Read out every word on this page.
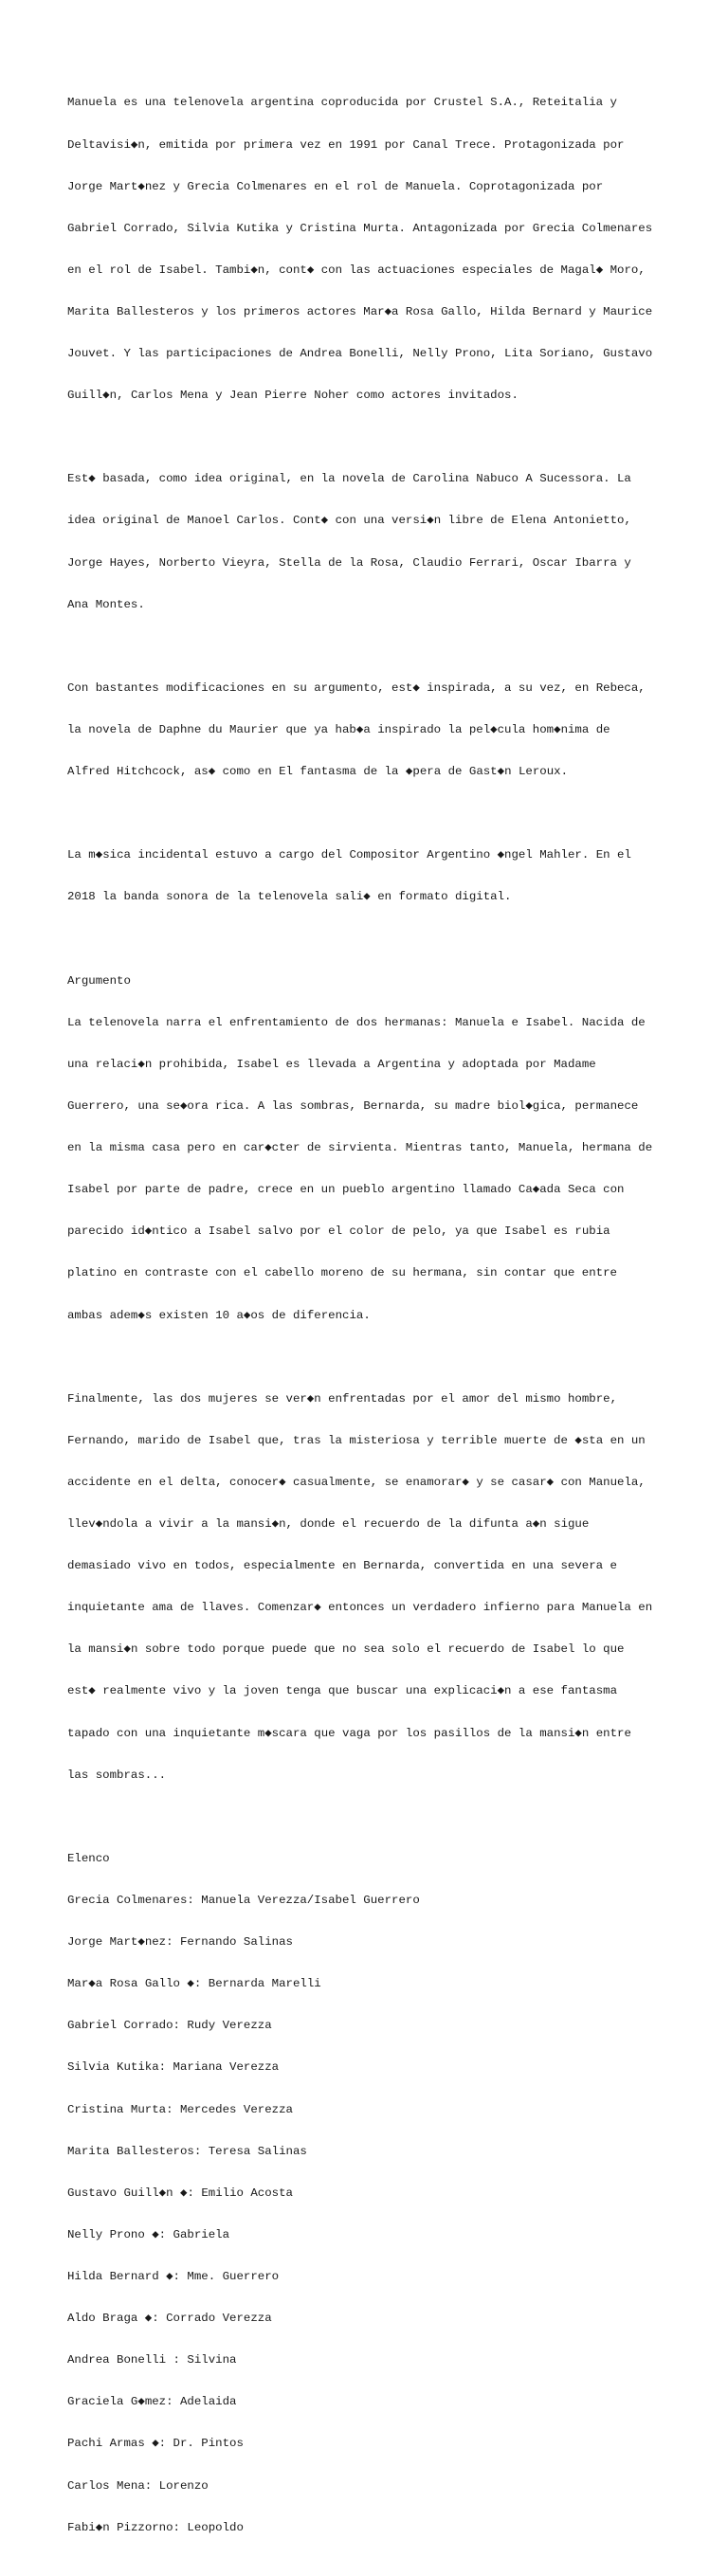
Manuela es una telenovela argentina coproducida por Crustel S.A., Reteitalia y

Deltavisi◆n, emitida por primera vez en 1991 por Canal Trece. Protagonizada por

Jorge Mart◆nez y Grecia Colmenares en el rol de Manuela. Coprotagonizada por

Gabriel Corrado, Silvia Kutika y Cristina Murta. Antagonizada por Grecia Colmenares

en el rol de Isabel. Tambi◆n, cont◆ con las actuaciones especiales de Magal◆ Moro,

Marita Ballesteros y los primeros actores Mar◆a Rosa Gallo, Hilda Bernard y Maurice

Jouvet. Y las participaciones de Andrea Bonelli, Nelly Prono, Lita Soriano, Gustavo

Guill◆n, Carlos Mena y Jean Pierre Noher como actores invitados.

Est◆ basada, como idea original, en la novela de Carolina Nabuco A Sucessora. La

idea original de Manoel Carlos. Cont◆ con una versi◆n libre de Elena Antonietto,

Jorge Hayes, Norberto Vieyra, Stella de la Rosa, Claudio Ferrari, Oscar Ibarra y

Ana Montes.

Con bastantes modificaciones en su argumento, est◆ inspirada, a su vez, en Rebeca,

la novela de Daphne du Maurier que ya hab◆a inspirado la pel◆cula hom◆nima de

Alfred Hitchcock, as◆ como en El fantasma de la ◆pera de Gast◆n Leroux.

La m◆sica incidental estuvo a cargo del Compositor Argentino ◆ngel Mahler. En el

2018 la banda sonora de la telenovela sali◆ en formato digital.

Argumento

La telenovela narra el enfrentamiento de dos hermanas: Manuela e Isabel. Nacida de

una relaci◆n prohibida, Isabel es llevada a Argentina y adoptada por Madame

Guerrero, una se◆ora rica. A las sombras, Bernarda, su madre biol◆gica, permanece

en la misma casa pero en car◆cter de sirvienta. Mientras tanto, Manuela, hermana de

Isabel por parte de padre, crece en un pueblo argentino llamado Ca◆ada Seca con

parecido id◆ntico a Isabel salvo por el color de pelo, ya que Isabel es rubia

platino en contraste con el cabello moreno de su hermana, sin contar que entre

ambas adem◆s existen 10 a◆os de diferencia.

Finalmente, las dos mujeres se ver◆n enfrentadas por el amor del mismo hombre,

Fernando, marido de Isabel que, tras la misteriosa y terrible muerte de ◆sta en un

accidente en el delta, conocer◆ casualmente, se enamorar◆ y se casar◆ con Manuela,

llev◆ndola a vivir a la mansi◆n, donde el recuerdo de la difunta a◆n sigue

demasiado vivo en todos, especialmente en Bernarda, convertida en una severa e

inquietante ama de llaves. Comenzar◆ entonces un verdadero infierno para Manuela en

la mansi◆n sobre todo porque puede que no sea solo el recuerdo de Isabel lo que

est◆ realmente vivo y la joven tenga que buscar una explicaci◆n a ese fantasma

tapado con una inquietante m◆scara que vaga por los pasillos de la mansi◆n entre

las sombras...

Elenco

Grecia Colmenares: Manuela Verezza/Isabel Guerrero

Jorge Mart◆nez: Fernando Salinas

Mar◆a Rosa Gallo ◆: Bernarda Marelli

Gabriel Corrado: Rudy Verezza

Silvia Kutika: Mariana Verezza

Cristina Murta: Mercedes Verezza

Marita Ballesteros: Teresa Salinas

Gustavo Guill◆n ◆: Emilio Acosta

Nelly Prono ◆: Gabriela

Hilda Bernard ◆: Mme. Guerrero

Aldo Braga ◆: Corrado Verezza

Andrea Bonelli : Silvina

Graciela G◆mez: Adelaida

Pachi Armas ◆: Dr. Pintos

Carlos Mena: Lorenzo

Fabi◆n Pizzorno: Leopoldo
